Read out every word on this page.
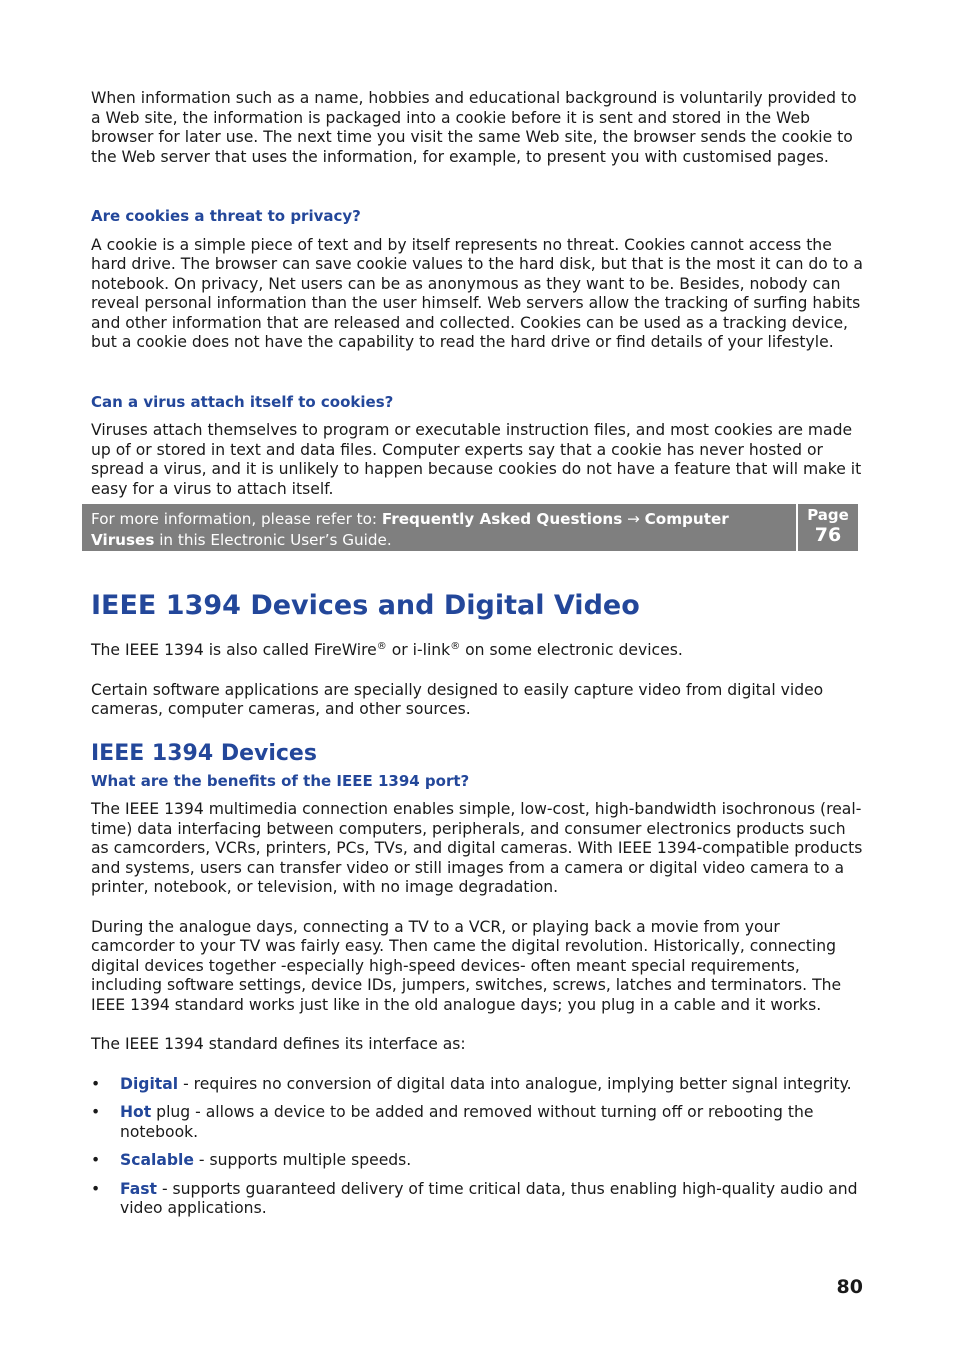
When information such as a name, hobbies and educational background is voluntarily provided to a Web site, the information is packaged into a cookie before it is sent and stored in the Web browser for later use. The next time you visit the same Web site, the browser sends the cookie to the Web server that uses the information, for example, to present you with customised pages.

Are cookies a threat to privacy?

A cookie is a simple piece of text and by itself represents no threat. Cookies cannot access the hard drive. The browser can save cookie values to the hard disk, but that is the most it can do to a notebook. On privacy, Net users can be as anonymous as they want to be. Besides, nobody can reveal personal information than the user himself. Web servers allow the tracking of surfing habits and other information that are released and collected. Cookies can be used as a tracking device, but a cookie does not have the capability to read the hard drive or find details of your lifestyle.

Can a virus attach itself to cookies?

Viruses attach themselves to program or executable instruction files, and most cookies are made up of or stored in text and data files. Computer experts say that a cookie has never hosted or spread a virus, and it is unlikely to happen because cookies do not have a feature that will make it easy for a virus to attach itself.

For more information, please refer to: Frequently Asked Questions → Computer Viruses in this Electronic User’s Guide.
Page
76
IEEE 1394 Devices and Digital Video

The IEEE 1394 is also called FireWire® or i-link® on some electronic devices.

Certain software applications are specially designed to easily capture video from digital video cameras, computer cameras, and other sources.

IEEE 1394 Devices

What are the benefits of the IEEE 1394 port?

The IEEE 1394 multimedia connection enables simple, low-cost, high-bandwidth isochronous (real-time) data interfacing between computers, peripherals, and consumer electronics products such as camcorders, VCRs, printers, PCs, TVs, and digital cameras. With IEEE 1394-compatible products and systems, users can transfer video or still images from a camera or digital video camera to a printer, notebook, or television, with no image degradation.

During the analogue days, connecting a TV to a VCR, or playing back a movie from your camcorder to your TV was fairly easy. Then came the digital revolution. Historically, connecting digital devices together -especially high-speed devices- often meant special requirements, including software settings, device IDs, jumpers, switches, screws, latches and terminators. The IEEE 1394 standard works just like in the old analogue days; you plug in a cable and it works.

The IEEE 1394 standard defines its interface as:

• Digital - requires no conversion of digital data into analogue, implying better signal integrity.
• Hot plug - allows a device to be added and removed without turning off or rebooting the notebook.
• Scalable - supports multiple speeds.
• Fast - supports guaranteed delivery of time critical data, thus enabling high-quality audio and video applications.
80
